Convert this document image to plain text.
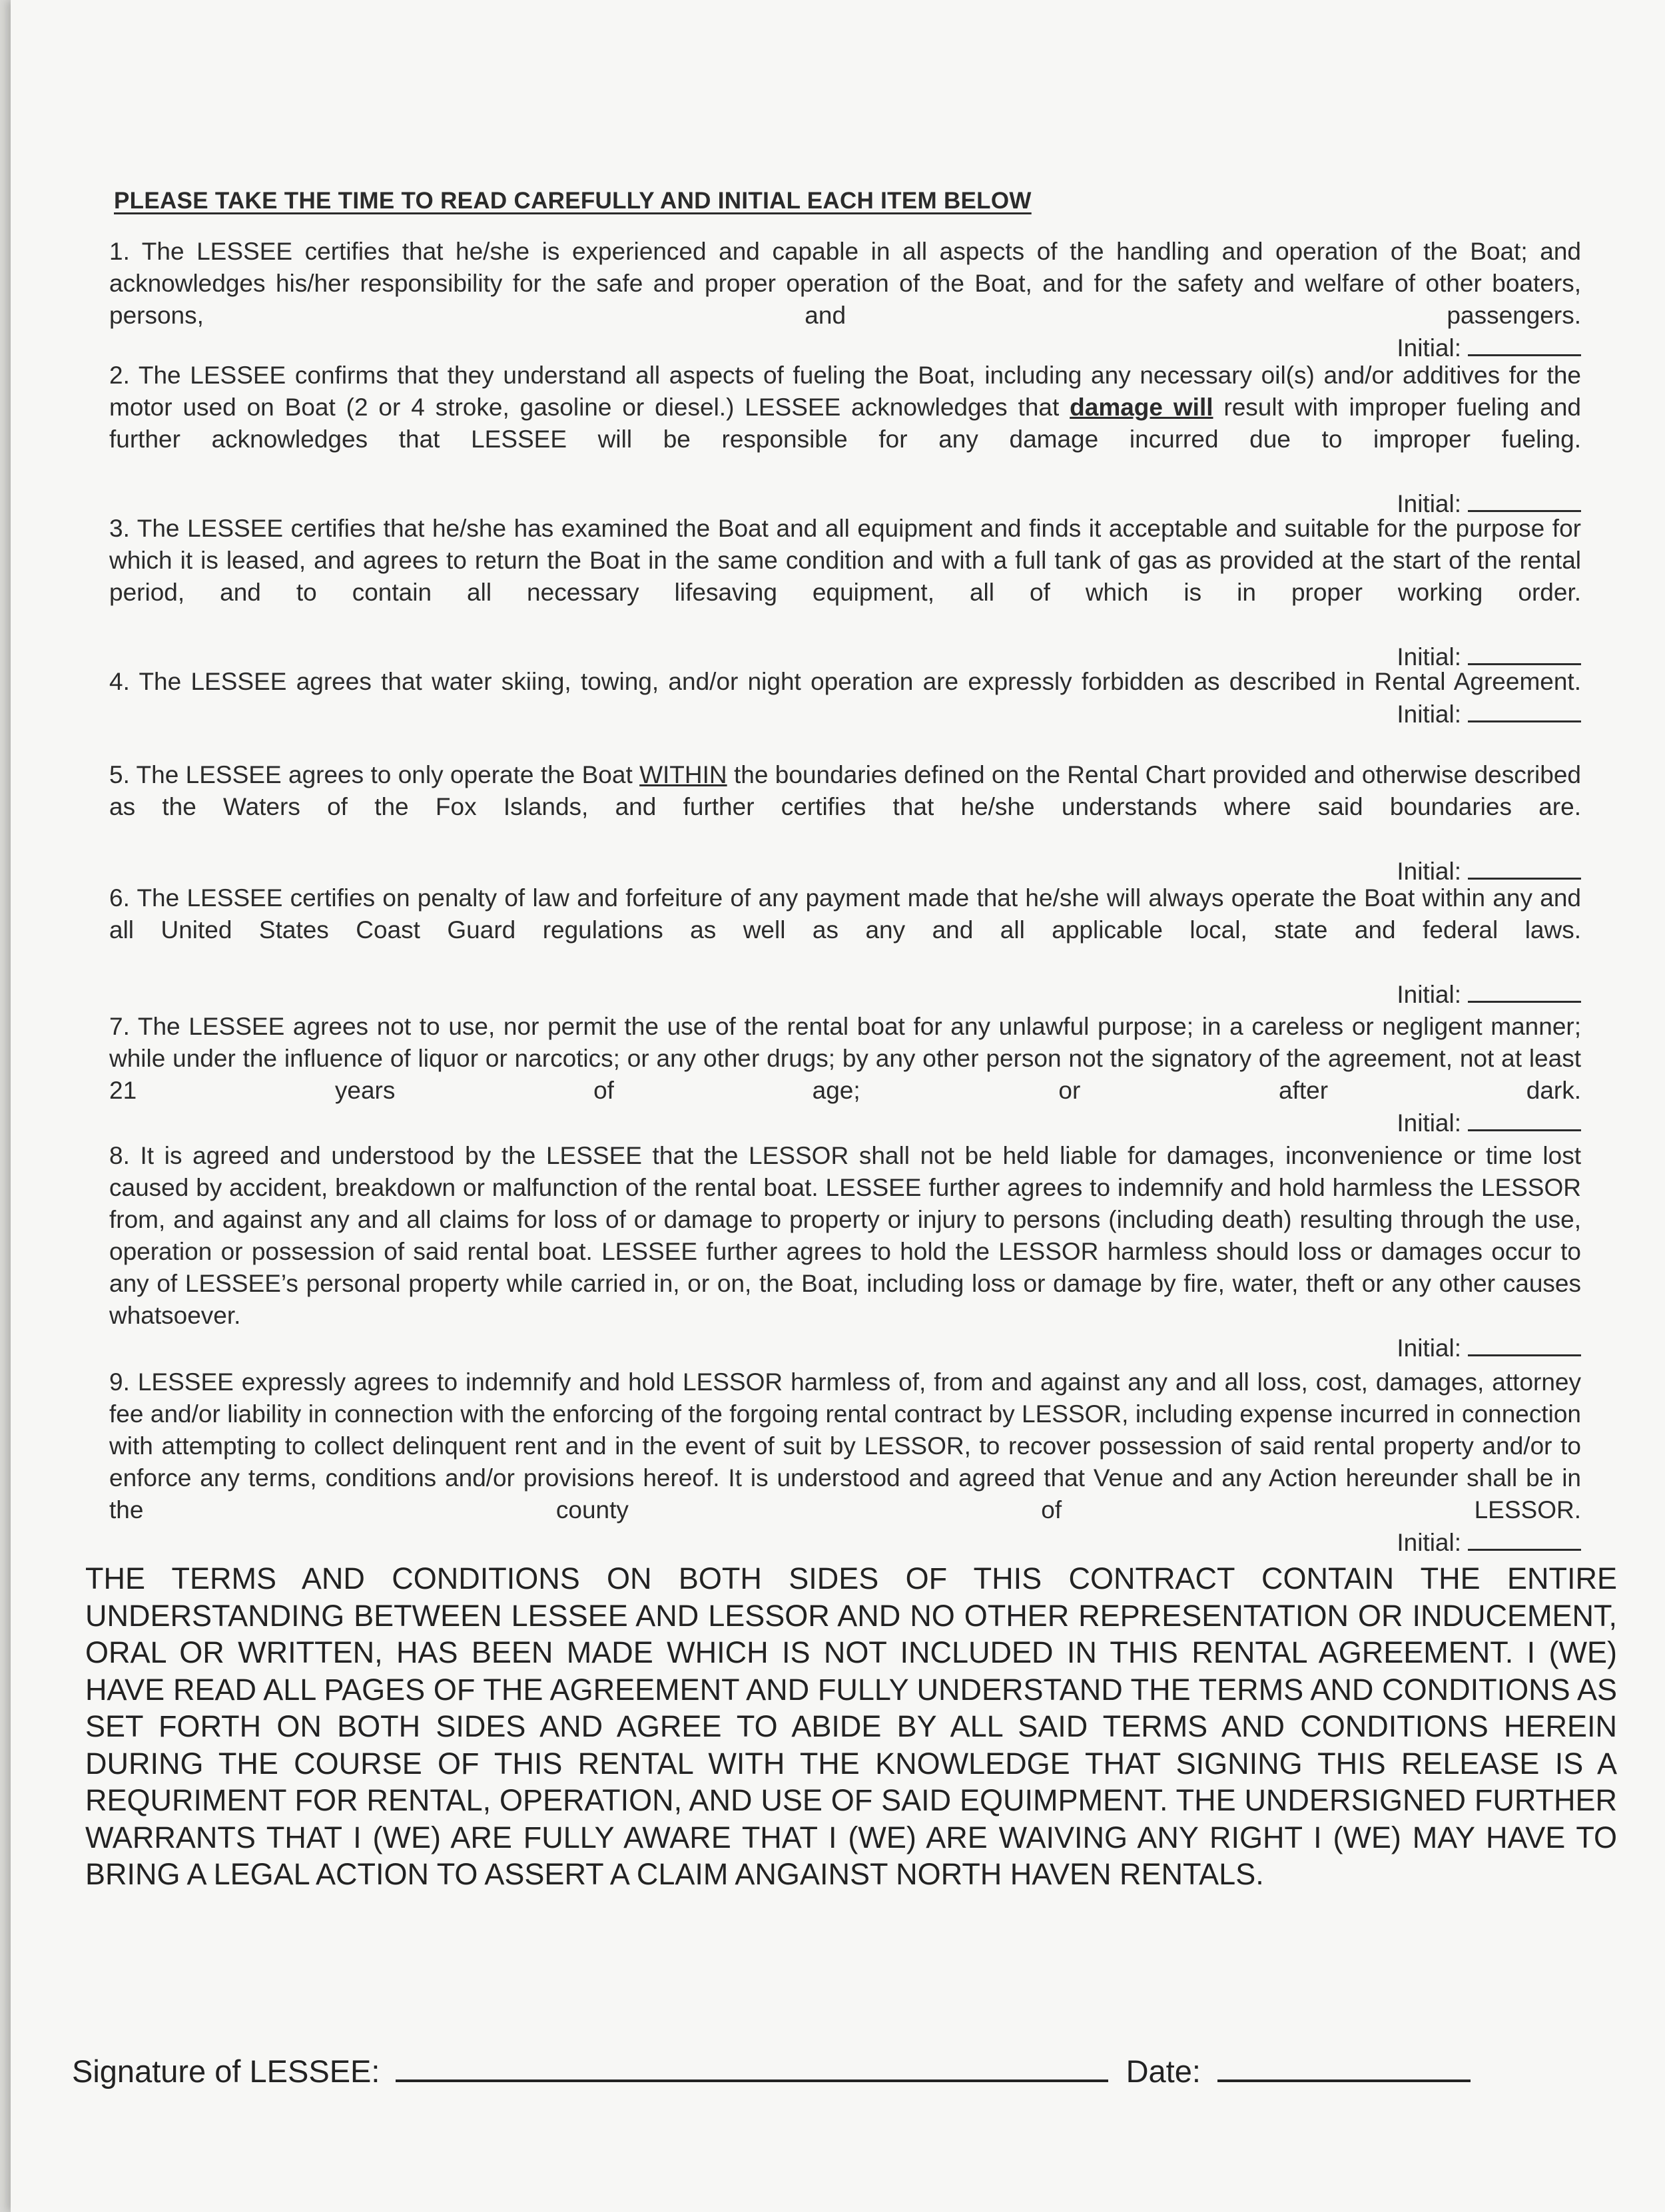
PLEASE TAKE THE TIME TO READ CAREFULLY AND INITIAL EACH ITEM BELOW

1. The LESSEE certifies that he/she is experienced and capable in all aspects of the handling and operation of the Boat; and acknowledges his/her responsibility for the safe and proper operation of the Boat, and for the safety and welfare of other boaters, persons, and passengers.

Initial:

2. The LESSEE confirms that they understand all aspects of fueling the Boat, including any necessary oil(s) and/or additives for the motor used on Boat (2 or 4 stroke, gasoline or diesel.) LESSEE acknowledges that damage will result with improper fueling and further acknowledges that LESSEE will be responsible for any damage incurred due to improper fueling.

Initial:

3. The LESSEE certifies that he/she has examined the Boat and all equipment and finds it acceptable and suitable for the purpose for which it is leased, and agrees to return the Boat in the same condition and with a full tank of gas as provided at the start of the rental period, and to contain all necessary lifesaving equipment, all of which is in proper working order.

Initial:

4. The LESSEE agrees that water skiing, towing, and/or night operation are expressly forbidden as described in Rental Agreement.

Initial:

5. The LESSEE agrees to only operate the Boat WITHIN the boundaries defined on the Rental Chart provided and otherwise described as the Waters of the Fox Islands, and further certifies that he/she understands where said boundaries are.

Initial:

6. The LESSEE certifies on penalty of law and forfeiture of any payment made that he/she will always operate the Boat within any and all United States Coast Guard regulations as well as any and all applicable local, state and federal laws.

Initial:

7. The LESSEE agrees not to use, nor permit the use of the rental boat for any unlawful purpose; in a careless or negligent manner; while under the influence of liquor or narcotics; or any other drugs; by any other person not the signatory of the agreement, not at least 21 years of age; or after dark.

Initial:

8. It is agreed and understood by the LESSEE that the LESSOR shall not be held liable for damages, inconvenience or time lost caused by accident, breakdown or malfunction of the rental boat. LESSEE further agrees to indemnify and hold harmless the LESSOR from, and against any and all claims for loss of or damage to property or injury to persons (including death) resulting through the use, operation or possession of said rental boat. LESSEE further agrees to hold the LESSOR harmless should loss or damages occur to any of LESSEE’s personal property while carried in, or on, the Boat, including loss or damage by fire, water, theft or any other causes whatsoever.

Initial:

9. LESSEE expressly agrees to indemnify and hold LESSOR harmless of, from and against any and all loss, cost, damages, attorney fee and/or liability in connection with the enforcing of the forgoing rental contract by LESSOR, including expense incurred in connection with attempting to collect delinquent rent and in the event of suit by LESSOR, to recover possession of said rental property and/or to enforce any terms, conditions and/or provisions hereof. It is understood and agreed that Venue and any Action hereunder shall be in the county of LESSOR.

Initial:

THE TERMS AND CONDITIONS ON BOTH SIDES OF THIS CONTRACT CONTAIN THE ENTIRE UNDERSTANDING BETWEEN LESSEE AND LESSOR AND NO OTHER REPRESENTATION OR INDUCEMENT, ORAL OR WRITTEN, HAS BEEN MADE WHICH IS NOT INCLUDED IN THIS RENTAL AGREEMENT. I (WE) HAVE READ ALL PAGES OF THE AGREEMENT AND FULLY UNDERSTAND THE TERMS AND CONDITIONS AS SET FORTH ON BOTH SIDES AND AGREE TO ABIDE BY ALL SAID TERMS AND CONDITIONS HEREIN DURING THE COURSE OF THIS RENTAL WITH THE KNOWLEDGE THAT SIGNING THIS RELEASE IS A REQURIMENT FOR RENTAL, OPERATION, AND USE OF SAID EQUIMPMENT. THE UNDERSIGNED FURTHER WARRANTS THAT I (WE) ARE FULLY AWARE THAT I (WE) ARE WAIVING ANY RIGHT I (WE) MAY HAVE TO BRING A LEGAL ACTION TO ASSERT A CLAIM ANGAINST NORTH HAVEN RENTALS.

Signature of LESSEE:	Date:
